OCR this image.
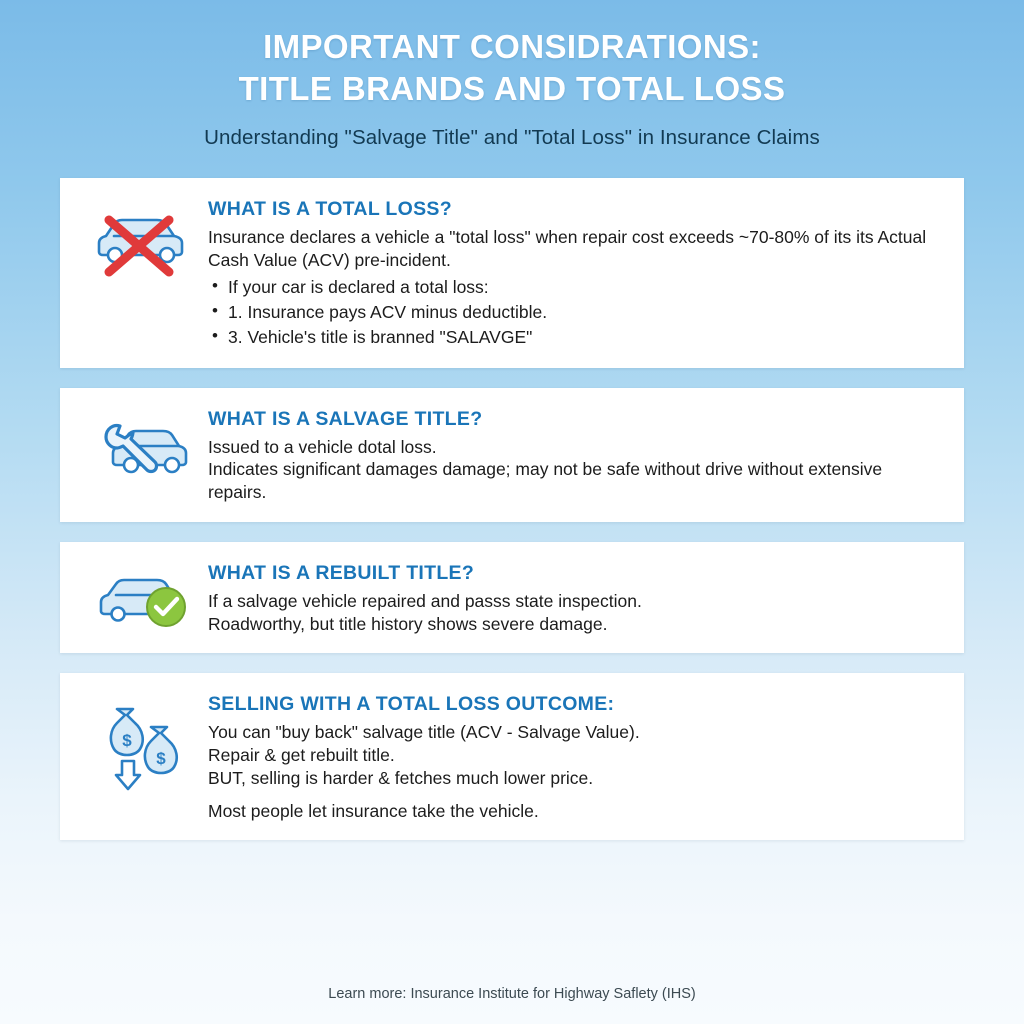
IMPORTANT CONSIDRATIONS:
TITLE BRANDS AND TOTAL LOSS
Understanding "Salvage Title" and "Total Loss" in Insurance Claims
WHAT IS A TOTAL LOSS?
Insurance declares a vehicle a "total loss" when repair cost exceeds ~70-80% of its its Actual Cash Value (ACV) pre-incident.
• If your car is declared a total loss:
• 1. Insurance pays ACV minus deductible.
• 3. Vehicle's title is branned "SALAVGE"
WHAT IS A SALVAGE TITLE?
Issued to a vehicle dotal loss.
Indicates significant damages damage; may not be safe without drive without extensive repairs.
WHAT IS A REBUILT TITLE?
If a salvage vehicle repaired and passs state inspection.
Roadworthy, but title history shows severe damage.
$
$
SELLING WITH A TOTAL LOSS OUTCOME:
You can "buy back" salvage title (ACV - Salvage Value).
Repair & get rebuilt title.
BUT, selling is harder & fetches much lower price.
Most people let insurance take the vehicle.
Learn more: Insurance Institute for Highway Saflety (IHS)
